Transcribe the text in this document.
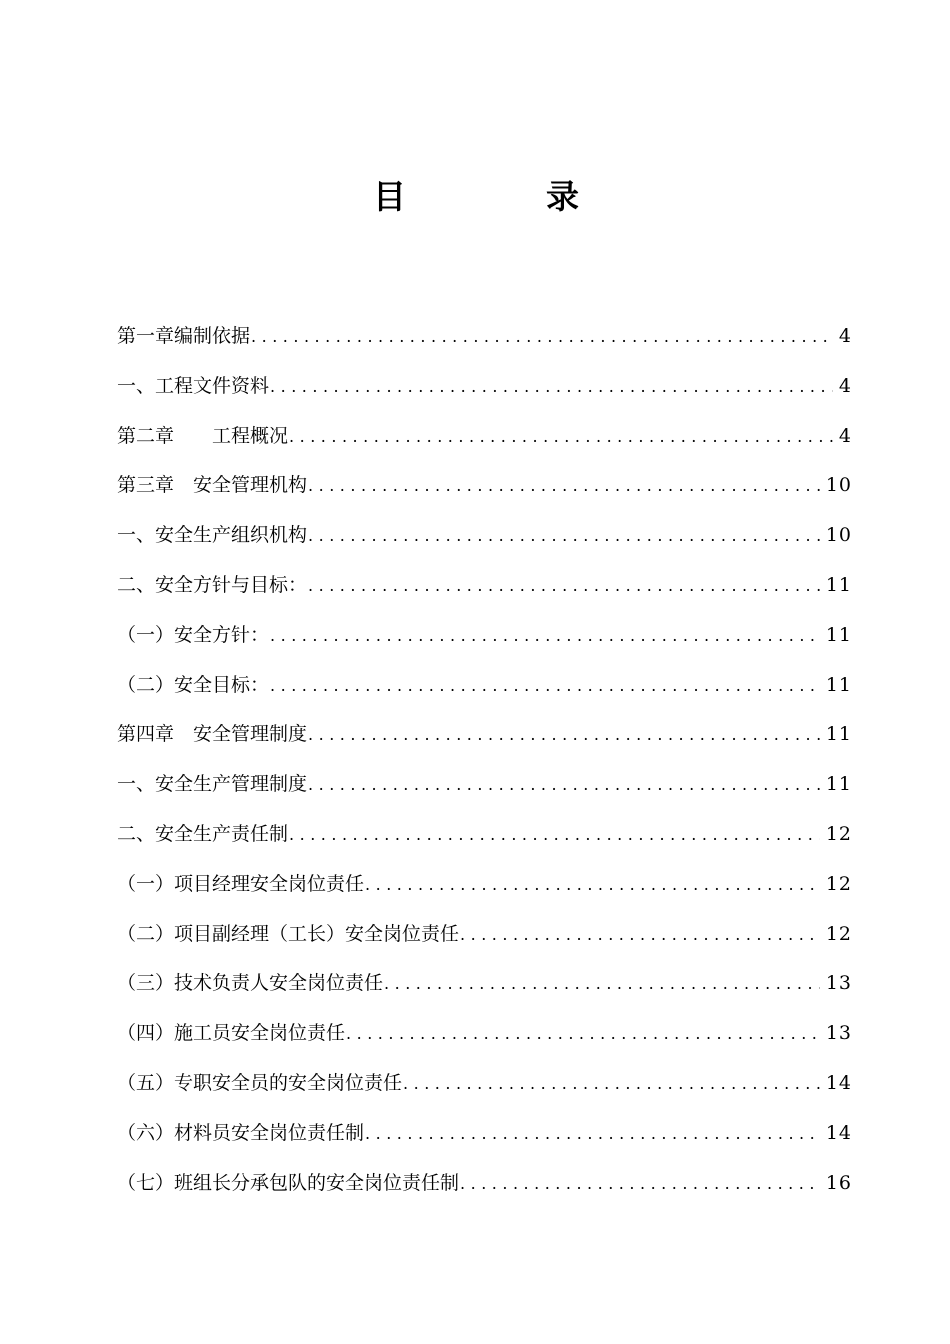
目	录
第一章编制依据 .....	4
一、工程文件资料 .....	4
第二章　　工程概况 .....	4
第三章　安全管理机构 .....	10
一、安全生产组织机构 .....	10
二、安全方针与目标： .....	11
（一）安全方针： .....	11
（二）安全目标： .....	11
第四章　安全管理制度 .....	11
一、安全生产管理制度 .....	11
二、安全生产责任制 .....	12
（一）项目经理安全岗位责任 .....	12
（二）项目副经理（工长）安全岗位责任 .....	12
（三）技术负责人安全岗位责任 .....	13
（四）施工员安全岗位责任 .....	13
（五）专职安全员的安全岗位责任 .....	14
（六）材料员安全岗位责任制 .....	14
（七）班组长分承包队的安全岗位责任制 .....	16
